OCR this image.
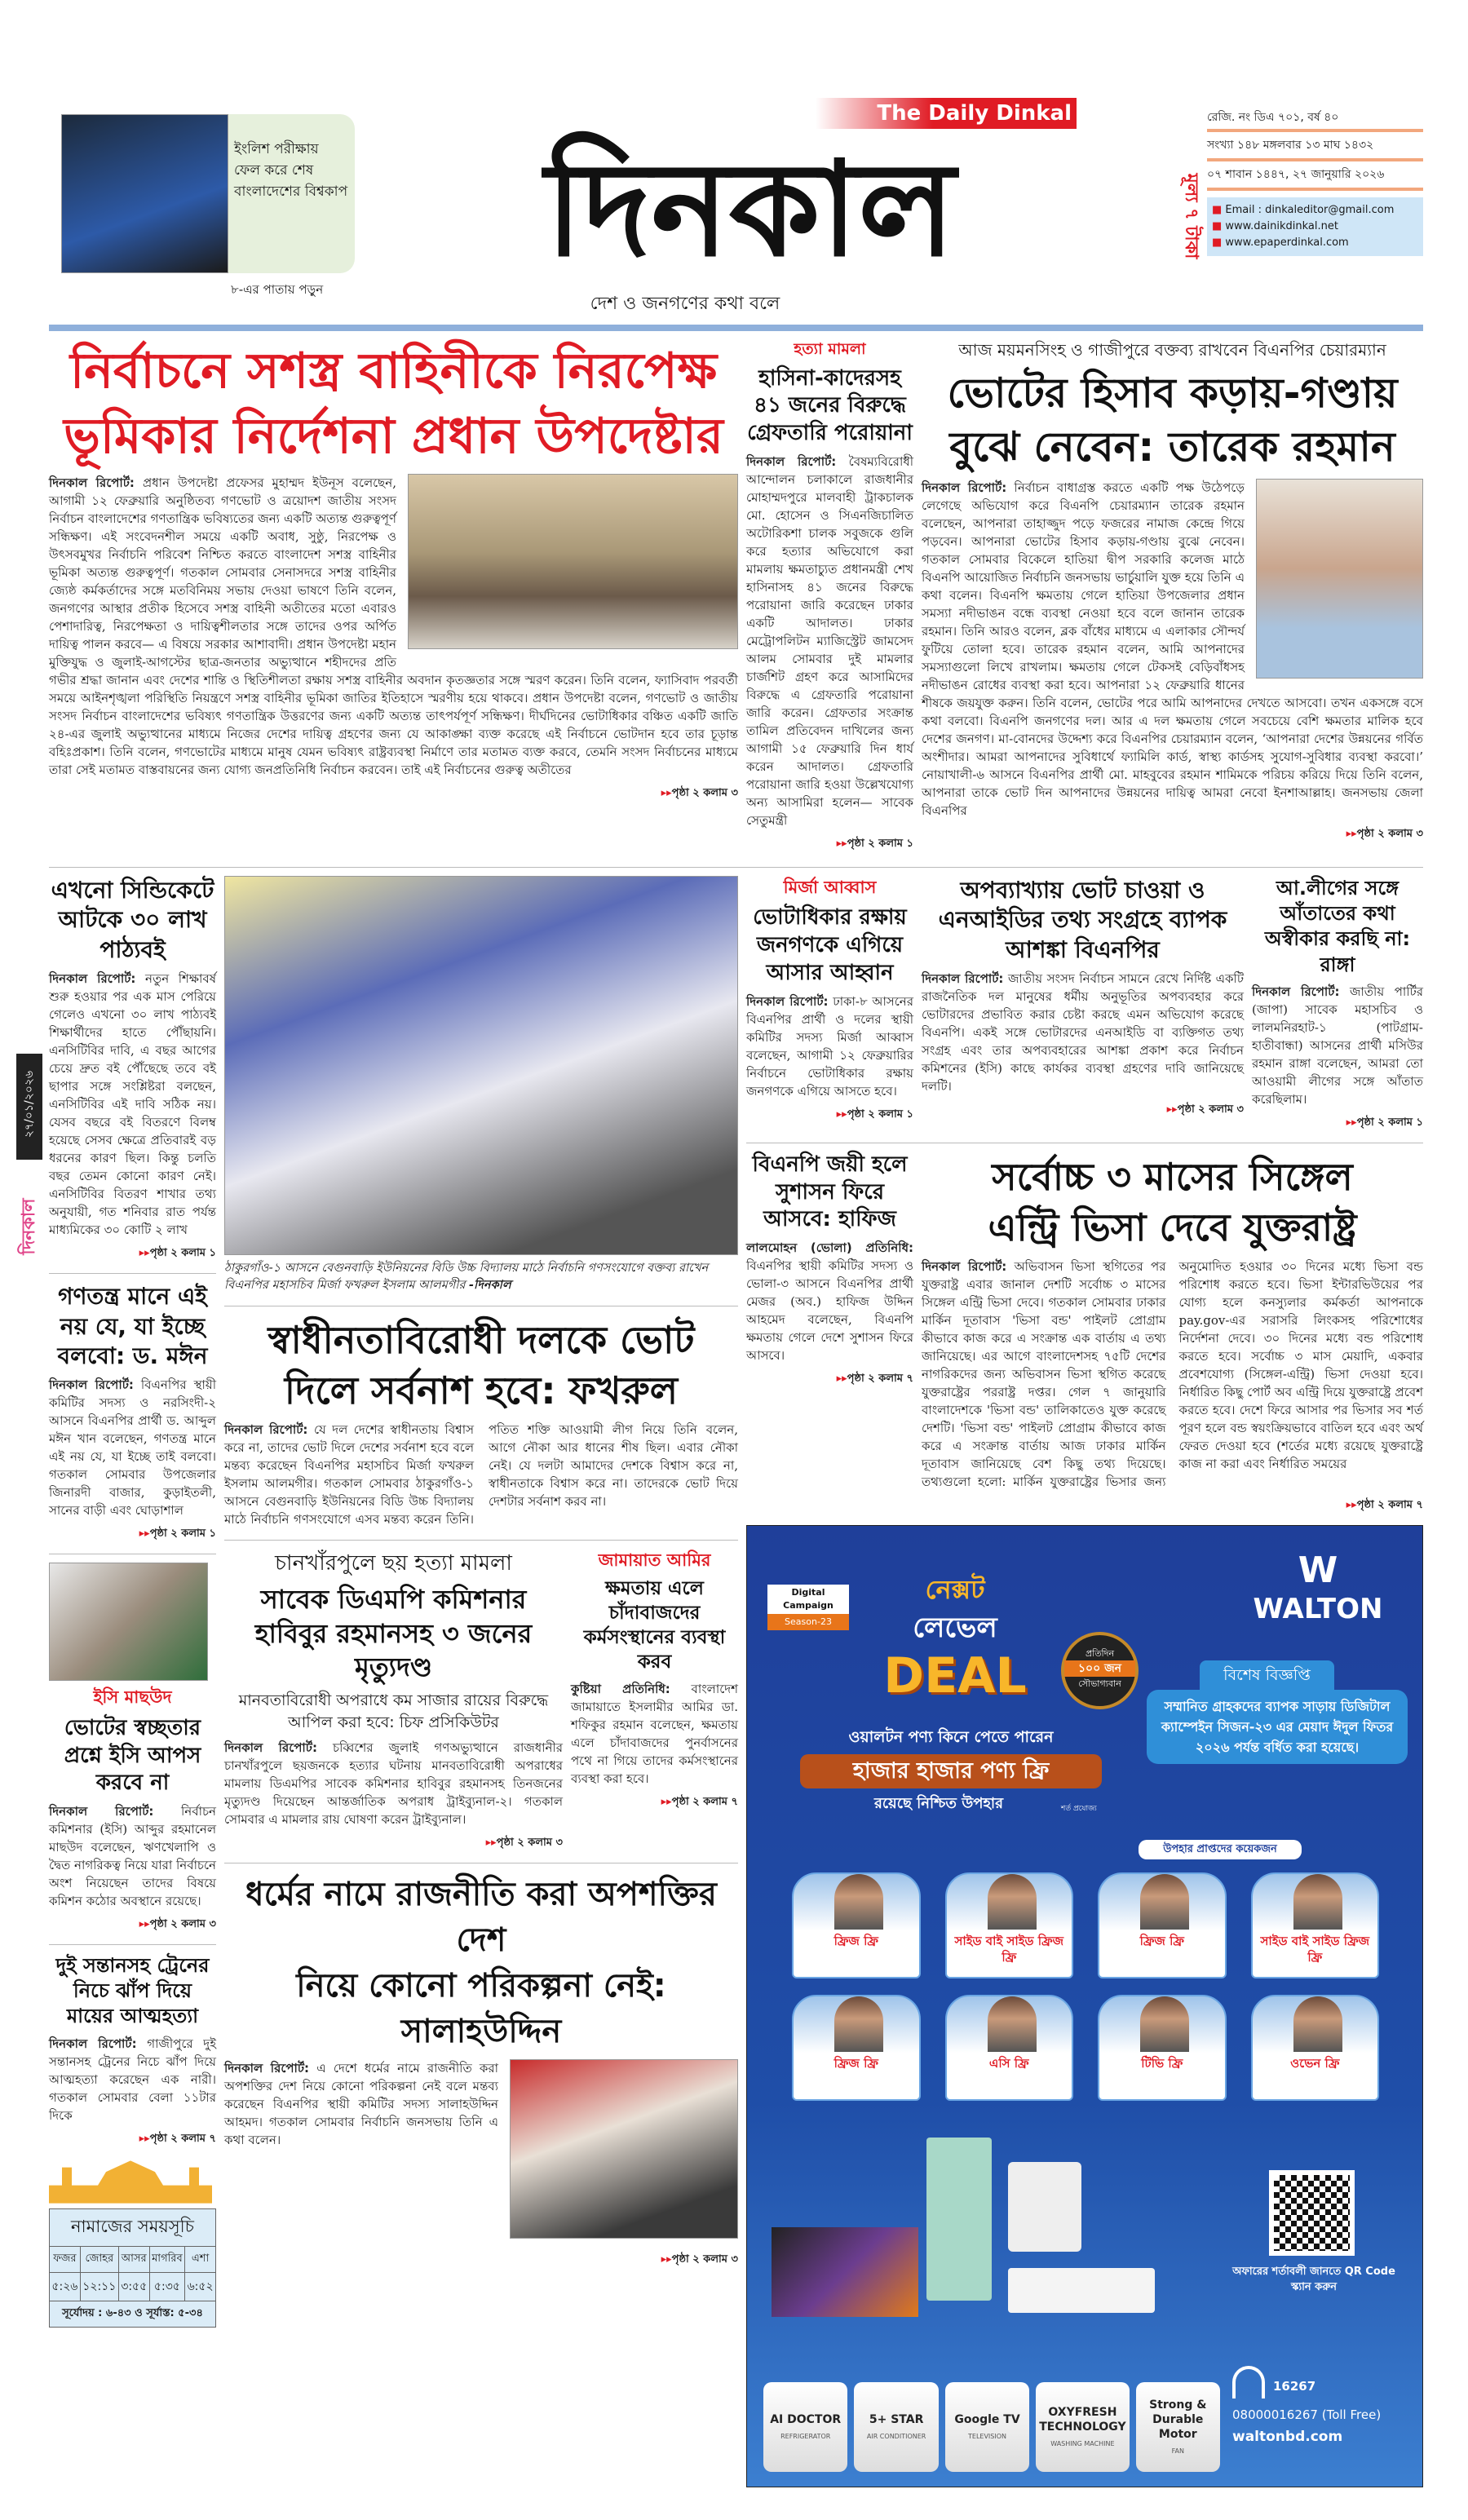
ইংলিশ পরীক্ষায় ফেল করে শেষ বাংলাদেশের বিশ্বকাপ
৮-এর পাতায় পড়ুন
The Daily Dinkal
দিনকাল
দেশ ও জনগণের কথা বলে
মূল্য ৭ টাকা
রেজি. নং ডিএ ৭০১, বর্ষ ৪০
সংখ্যা ১৪৮ মঙ্গলবার ১৩ মাঘ ১৪৩২
০৭ শাবান ১৪৪৭, ২৭ জানুয়ারি ২০২৬
■ Email : dinkaleditor@gmail.com
■ www.dainikdinkal.net
■ www.epaperdinkal.com
২৭/০১/২০২৬
দিনকাল
নির্বাচনে সশস্ত্র বাহিনীকে নিরপেক্ষ
ভূমিকার নির্দেশনা প্রধান উপদেষ্টার
দিনকাল রিপোর্ট: প্রধান উপদেষ্টা প্রফেসর মুহাম্মদ ইউনূস বলেছেন, আগামী ১২ ফেব্রুয়ারি অনুষ্ঠিতব্য গণভোট ও ত্রয়োদশ জাতীয় সংসদ নির্বাচন বাংলাদেশের গণতান্ত্রিক ভবিষ্যতের জন্য একটি অত্যন্ত গুরুত্বপূর্ণ সন্ধিক্ষণ। এই সংবেদনশীল সময়ে একটি অবাধ, সুষ্ঠু, নিরপেক্ষ ও উৎসবমুখর নির্বাচনি পরিবেশ নিশ্চিত করতে বাংলাদেশ সশস্ত্র বাহিনীর ভূমিকা অত্যন্ত গুরুত্বপূর্ণ। গতকাল সোমবার সেনাসদরে সশস্ত্র বাহিনীর জ্যেষ্ঠ কর্মকর্তাদের সঙ্গে মতবিনিময় সভায় দেওয়া ভাষণে তিনি বলেন, জনগণের আস্থার প্রতীক হিসেবে সশস্ত্র বাহিনী অতীতের মতো এবারও পেশাদারিত্ব, নিরপেক্ষতা ও দায়িত্বশীলতার সঙ্গে তাদের ওপর অর্পিত দায়িত্ব পালন করবে— এ বিষয়ে সরকার আশাবাদী। প্রধান উপদেষ্টা মহান মুক্তিযুদ্ধ ও জুলাই-আগস্টের ছাত্র-জনতার অভ্যুত্থানে শহীদদের প্রতি গভীর শ্রদ্ধা জানান এবং দেশের শান্তি ও স্থিতিশীলতা রক্ষায় সশস্ত্র বাহিনীর অবদান কৃতজ্ঞতার সঙ্গে স্মরণ করেন। তিনি বলেন, ফ্যাসিবাদ পরবর্তী সময়ে আইনশৃঙ্খলা পরিস্থিতি নিয়ন্ত্রণে সশস্ত্র বাহিনীর ভূমিকা জাতির ইতিহাসে স্মরণীয় হয়ে থাকবে। প্রধান উপদেষ্টা বলেন, গণভোট ও জাতীয় সংসদ নির্বাচন বাংলাদেশের ভবিষ্যৎ গণতান্ত্রিক উত্তরণের জন্য একটি অত্যন্ত তাৎপর্যপূর্ণ সন্ধিক্ষণ। দীর্ঘদিনের ভোটাধিকার বঞ্চিত একটি জাতি ২৪-এর জুলাই অভ্যুত্থানের মাধ্যমে নিজের দেশের দায়িত্ব গ্রহণের জন্য যে আকাঙ্ক্ষা ব্যক্ত করেছে এই নির্বাচনে ভোটদান হবে তার চূড়ান্ত বহিঃপ্রকাশ। তিনি বলেন, গণভোটের মাধ্যমে মানুষ যেমন ভবিষ্যৎ রাষ্ট্রব্যবস্থা নির্মাণে তার মতামত ব্যক্ত করবে, তেমনি সংসদ নির্বাচনের মাধ্যমে তারা সেই মতামত বাস্তবায়নের জন্য যোগ্য জনপ্রতিনিধি নির্বাচন করবেন। তাই এই নির্বাচনের গুরুত্ব অতীতের
▸▸ পৃষ্ঠা ২ কলাম ৩
হত্যা মামলা
হাসিনা-কাদেরসহ ৪১ জনের বিরুদ্ধে গ্রেফতারি পরোয়ানা
দিনকাল রিপোর্ট: বৈষম্যবিরোধী আন্দোলন চলাকালে রাজধানীর মোহাম্মদপুরে মালবাহী ট্রাকচালক মো. হোসেন ও সিএনজিচালিত অটোরিকশা চালক সবুজকে গুলি করে হত্যার অভিযোগে করা মামলায় ক্ষমতাচ্যুত প্রধানমন্ত্রী শেখ হাসিনাসহ ৪১ জনের বিরুদ্ধে পরোয়ানা জারি করেছেন ঢাকার একটি আদালত। ঢাকার মেট্রোপলিটন ম্যাজিস্ট্রেট জামসেদ আলম সোমবার দুই মামলার চার্জশিট গ্রহণ করে আসামিদের বিরুদ্ধে এ গ্রেফতারি পরোয়ানা জারি করেন। গ্রেফতার সংক্রান্ত তামিল প্রতিবেদন দাখিলের জন্য আগামী ১৫ ফেব্রুয়ারি দিন ধার্য করেন আদালত। গ্রেফতারি পরোয়ানা জারি হওয়া উল্লেখযোগ্য অন্য আসামিরা হলেন— সাবেক সেতুমন্ত্রী
▸▸ পৃষ্ঠা ২ কলাম ১
আজ ময়মনসিংহ ও গাজীপুরে বক্তব্য রাখবেন বিএনপির চেয়ারম্যান
ভোটের হিসাব কড়ায়-গণ্ডায়
বুঝে নেবেন: তারেক রহমান
দিনকাল রিপোর্ট: নির্বাচন বাধাগ্রস্ত করতে একটি পক্ষ উঠেপড়ে লেগেছে অভিযোগ করে বিএনপি চেয়ারম্যান তারেক রহমান বলেছেন, আপনারা তাহাজ্জুদ পড়ে ফজরের নামাজ কেন্দ্রে গিয়ে পড়বেন। আপনারা ভোটের হিসাব কড়ায়-গণ্ডায় বুঝে নেবেন। গতকাল সোমবার বিকেলে হাতিয়া দ্বীপ সরকারি কলেজ মাঠে বিএনপি আয়োজিত নির্বাচনি জনসভায় ভার্চুয়ালি যুক্ত হয়ে তিনি এ কথা বলেন। বিএনপি ক্ষমতায় গেলে হাতিয়া উপজেলার প্রধান সমস্যা নদীভাঙন বন্ধে ব্যবস্থা নেওয়া হবে বলে জানান তারেক রহমান। তিনি আরও বলেন, ব্লক বাঁধের মাধ্যমে এ এলাকার সৌন্দর্য ফুটিয়ে তোলা হবে। তারেক রহমান বলেন, আমি আপনাদের সমস্যাগুলো লিখে রাখলাম। ক্ষমতায় গেলে টেকসই বেড়িবাঁধসহ নদীভাঙন রোধের ব্যবস্থা করা হবে। আপনারা ১২ ফেব্রুয়ারি ধানের শীষকে জয়যুক্ত করুন। তিনি বলেন, ভোটের পরে আমি আপনাদের দেখতে আসবো। তখন একসঙ্গে বসে কথা বলবো। বিএনপি জনগণের দল। আর এ দল ক্ষমতায় গেলে সবচেয়ে বেশি ক্ষমতার মালিক হবে দেশের জনগণ। মা-বোনদের উদ্দেশ্য করে বিএনপির চেয়ারম্যান বলেন, ‘আপনারা দেশের উন্নয়নের গর্বিত অংশীদার। আমরা আপনাদের সুবিধার্থে ফ্যামিলি কার্ড, স্বাস্থ্য কার্ডসহ সুযোগ-সুবিধার ব্যবস্থা করবো।’ নোয়াখালী-৬ আসনে বিএনপির প্রার্থী মো. মাহবুবের রহমান শামিমকে পরিচয় করিয়ে দিয়ে তিনি বলেন, আপনারা তাকে ভোট দিন আপনাদের উন্নয়নের দায়িত্ব আমরা নেবো ইনশাআল্লাহ। জনসভায় জেলা বিএনপির
▸▸ পৃষ্ঠা ২ কলাম ৩
এখনো সিন্ডিকেটে আটকে ৩০ লাখ পাঠ্যবই
দিনকাল রিপোর্ট: নতুন শিক্ষাবর্ষ শুরু হওয়ার পর এক মাস পেরিয়ে গেলেও এখনো ৩০ লাখ পাঠ্যবই শিক্ষার্থীদের হাতে পৌঁছায়নি। এনসিটিবির দাবি, এ বছর আগের চেয়ে দ্রুত বই পৌঁছেছে তবে বই ছাপার সঙ্গে সংশ্লিষ্টরা বলছেন, এনসিটিবির এই দাবি সঠিক নয়। যেসব বছরে বই বিতরণে বিলম্ব হয়েছে সেসব ক্ষেত্রে প্রতিবারই বড় ধরনের কারণ ছিল। কিন্তু চলতি বছর তেমন কোনো কারণ নেই। এনসিটিবির বিতরণ শাখার তথ্য অনুযায়ী, গত শনিবার রাত পর্যন্ত মাধ্যমিকের ৩০ কোটি ২ লাখ
▸▸ পৃষ্ঠা ২ কলাম ১
গণতন্ত্র মানে এই নয় যে, যা ইচ্ছে বলবো: ড. মঈন
দিনকাল রিপোর্ট: বিএনপির স্থায়ী কমিটির সদস্য ও নরসিংদী-২ আসনে বিএনপির প্রার্থী ড. আব্দুল মঈন খান বলেছেন, গণতন্ত্র মানে এই নয় যে, যা ইচ্ছে তাই বলবো। গতকাল সোমবার উপজেলার জিনারদী বাজার, কুড়াইতলী, সানের বাড়ী এবং ঘোড়াশাল
▸▸ পৃষ্ঠা ২ কলাম ১
ইসি মাছউদ
ভোটের স্বচ্ছতার প্রশ্নে ইসি আপস করবে না
দিনকাল রিপোর্ট: নির্বাচন কমিশনার (ইসি) আব্দুর রহমানেল মাছউদ বলেছেন, ঋণখেলাপি ও দ্বৈত নাগরিকত্ব নিয়ে যারা নির্বাচনে অংশ নিয়েছেন তাদের বিষয়ে কমিশন কঠোর অবস্থানে রয়েছে।
▸▸ পৃষ্ঠা ২ কলাম ৩
দুই সন্তানসহ ট্রেনের নিচে ঝাঁপ দিয়ে মায়ের আত্মহত্যা
দিনকাল রিপোর্ট: গাজীপুরে দুই সন্তানসহ ট্রেনের নিচে ঝাঁপ দিয়ে আত্মহত্যা করেছেন এক নারী। গতকাল সোমবার বেলা ১১টার দিকে
▸▸ পৃষ্ঠা ২ কলাম ৭
নামাজের সময়সূচি				
ফজর	জোহর	আসর	মাগরিব	এশা
৫:২৬	১২:১১	৩:৫৫	৫:৩৫	৬:৫২
সূর্যোদয় : ৬-৪৩ ও সূর্যাস্ত: ৫-৩৪				
ঠাকুরগাঁও-১ আসনে বেগুনবাড়ি ইউনিয়নের বিডি উচ্চ বিদ্যালয় মাঠে নির্বাচনি গণসংযোগে বক্তব্য রাখেন বিএনপির মহাসচিব মির্জা ফখরুল ইসলাম আলমগীর -দিনকাল
স্বাধীনতাবিরোধী দলকে ভোট
দিলে সর্বনাশ হবে: ফখরুল
দিনকাল রিপোর্ট: যে দল দেশের স্বাধীনতায় বিশ্বাস করে না, তাদের ভোট দিলে দেশের সর্বনাশ হবে বলে মন্তব্য করেছেন বিএনপির মহাসচিব মির্জা ফখরুল ইসলাম আলমগীর। গতকাল সোমবার ঠাকুরগাঁও-১ আসনে বেগুনবাড়ি ইউনিয়নের বিডি উচ্চ বিদ্যালয় মাঠে নির্বাচনি গণসংযোগে এসব মন্তব্য করেন তিনি। পতিত শক্তি আওয়ামী লীগ নিয়ে তিনি বলেন, আগে নৌকা আর ধানের শীষ ছিল। এবার নৌকা নেই। যে দলটা আমাদের দেশকে বিশ্বাস করে না, স্বাধীনতাকে বিশ্বাস করে না। তাদেরকে ভোট দিয়ে দেশটার সর্বনাশ করব না।
চানখাঁরপুলে ছয় হত্যা মামলা
সাবেক ডিএমপি কমিশনার হাবিবুর রহমানসহ ৩ জনের মৃত্যুদণ্ড
মানবতাবিরোধী অপরাধে কম সাজার রায়ের বিরুদ্ধে আপিল করা হবে: চিফ প্রসিকিউটর
দিনকাল রিপোর্ট: চব্বিশের জুলাই গণঅভ্যুত্থানে রাজধানীর চানখাঁরপুলে ছয়জনকে হত্যার ঘটনায় মানবতাবিরোধী অপরাধের মামলায় ডিএমপির সাবেক কমিশনার হাবিবুর রহমানসহ তিনজনের মৃত্যুদণ্ড দিয়েছেন আন্তর্জাতিক অপরাধ ট্রাইব্যুনাল-২। গতকাল সোমবার এ মামলার রায় ঘোষণা করেন ট্রাইব্যুনাল।
▸▸ পৃষ্ঠা ২ কলাম ৩
জামায়াত আমির
ক্ষমতায় এলে চাঁদাবাজদের কর্মসংস্থানের ব্যবস্থা করব
কুষ্টিয়া প্রতিনিধি: বাংলাদেশ জামায়াতে ইসলামীর আমির ডা. শফিকুর রহমান বলেছেন, ক্ষমতায় এলে চাঁদাবাজদের পুনর্বাসনের পথে না গিয়ে তাদের কর্মসংস্থানের ব্যবস্থা করা হবে।
▸▸ পৃষ্ঠা ২ কলাম ৭
ধর্মের নামে রাজনীতি করা অপশক্তির দেশ
নিয়ে কোনো পরিকল্পনা নেই: সালাহউদ্দিন
দিনকাল রিপোর্ট: এ দেশে ধর্মের নামে রাজনীতি করা অপশক্তির দেশ নিয়ে কোনো পরিকল্পনা নেই বলে মন্তব্য করেছেন বিএনপির স্থায়ী কমিটির সদস্য সালাহউদ্দিন আহমদ। গতকাল সোমবার নির্বাচনি জনসভায় তিনি এ কথা বলেন।
▸▸ পৃষ্ঠা ২ কলাম ৩
মির্জা আব্বাস
ভোটাধিকার রক্ষায় জনগণকে এগিয়ে আসার আহ্বান
দিনকাল রিপোর্ট: ঢাকা-৮ আসনের বিএনপির প্রার্থী ও দলের স্থায়ী কমিটির সদস্য মির্জা আব্বাস বলেছেন, আগামী ১২ ফেব্রুয়ারির নির্বাচনে ভোটাধিকার রক্ষায় জনগণকে এগিয়ে আসতে হবে।
▸▸ পৃষ্ঠা ২ কলাম ১
অপব্যাখ্যায় ভোট চাওয়া ও এনআইডির তথ্য সংগ্রহে ব্যাপক আশঙ্কা বিএনপির
দিনকাল রিপোর্ট: জাতীয় সংসদ নির্বাচন সামনে রেখে নির্দিষ্ট একটি রাজনৈতিক দল মানুষের ধর্মীয় অনুভূতির অপব্যবহার করে ভোটারদের প্রভাবিত করার চেষ্টা করছে এমন অভিযোগ করেছে বিএনপি। একই সঙ্গে ভোটারদের এনআইডি বা ব্যক্তিগত তথ্য সংগ্রহ এবং তার অপব্যবহারের আশঙ্কা প্রকাশ করে নির্বাচন কমিশনের (ইসি) কাছে কার্যকর ব্যবস্থা গ্রহণের দাবি জানিয়েছে দলটি।
▸▸ পৃষ্ঠা ২ কলাম ৩
আ.লীগের সঙ্গে আঁতাতের কথা অস্বীকার করছি না: রাঙ্গা
দিনকাল রিপোর্ট: জাতীয় পার্টির (জাপা) সাবেক মহাসচিব ও লালমনিরহাট-১ (পাটগ্রাম-হাতীবান্ধা) আসনের প্রার্থী মসিউর রহমান রাঙ্গা বলেছেন, আমরা তো আওয়ামী লীগের সঙ্গে আঁতাত করেছিলাম।
▸▸ পৃষ্ঠা ২ কলাম ১
বিএনপি জয়ী হলে সুশাসন ফিরে আসবে: হাফিজ
লালমোহন (ভোলা) প্রতিনিধি: বিএনপির স্থায়ী কমিটির সদস্য ও ভোলা-৩ আসনে বিএনপির প্রার্থী মেজর (অব.) হাফিজ উদ্দিন আহমেদ বলেছেন, বিএনপি ক্ষমতায় গেলে দেশে সুশাসন ফিরে আসবে।
▸▸ পৃষ্ঠা ২ কলাম ৭
সর্বোচ্চ ৩ মাসের সিঙ্গেল
এন্ট্রি ভিসা দেবে যুক্তরাষ্ট্র
দিনকাল রিপোর্ট: অভিবাসন ভিসা স্থগিতের পর যুক্তরাষ্ট্র এবার জানাল দেশটি সর্বোচ্চ ৩ মাসের সিঙ্গেল এন্ট্রি ভিসা দেবে। গতকাল সোমবার ঢাকার মার্কিন দূতাবাস 'ভিসা বন্ড' পাইলট প্রোগ্রাম কীভাবে কাজ করে এ সংক্রান্ত এক বার্তায় এ তথ্য জানিয়েছে। এর আগে বাংলাদেশসহ ৭৫টি দেশের নাগরিকদের জন্য অভিবাসন ভিসা স্থগিত করেছে যুক্তরাষ্ট্রের পররাষ্ট্র দপ্তর। গেল ৭ জানুয়ারি বাংলাদেশকে 'ভিসা বন্ড' তালিকাতেও যুক্ত করেছে দেশটি। 'ভিসা বন্ড' পাইলট প্রোগ্রাম কীভাবে কাজ করে এ সংক্রান্ত বার্তায় আজ ঢাকার মার্কিন দূতাবাস জানিয়েছে বেশ কিছু তথ্য দিয়েছে। তথ্যগুলো হলো: মার্কিন যুক্তরাষ্ট্রের ভিসার জন্য অনুমোদিত হওয়ার ৩০ দিনের মধ্যে ভিসা বন্ড পরিশোধ করতে হবে। ভিসা ইন্টারভিউয়ের পর যোগ্য হলে কনস্যুলার কর্মকর্তা আপনাকে pay.gov-এর সরাসরি লিংকসহ পরিশোধের নির্দেশনা দেবে। ৩০ দিনের মধ্যে বন্ড পরিশোধ করতে হবে। সর্বোচ্চ ৩ মাস মেয়াদি, একবার প্রবেশযোগ্য (সিঙ্গেল-এন্ট্রি) ভিসা দেওয়া হবে। নির্ধারিত কিছু পোর্ট অব এন্ট্রি দিয়ে যুক্তরাষ্ট্রে প্রবেশ করতে হবে। দেশে ফিরে আসার পর ভিসার সব শর্ত পূরণ হলে বন্ড স্বয়ংক্রিয়ভাবে বাতিল হবে এবং অর্থ ফেরত দেওয়া হবে (শর্তের মধ্যে রয়েছে যুক্তরাষ্ট্রে কাজ না করা এবং নির্ধারিত সময়ের
▸▸ পৃষ্ঠা ২ কলাম ৭
Digital Campaign
Season-23
নেক্সট
লেভেল
DEAL	প্রতিদিন
১০০ জন
সৌভাগ্যবান
ওয়ালটন পণ্য কিনে পেতে পারেন
হাজার হাজার পণ্য ফ্রি
রয়েছে নিশ্চিত উপহার	শর্ত প্রযোজ্য
W
WALTON
বিশেষ বিজ্ঞপ্তি
সম্মানিত গ্রাহকদের ব্যাপক সাড়ায় ডিজিটাল ক্যাম্পেইন সিজন-২৩ এর মেয়াদ ঈদুল ফিতর ২০২৬ পর্যন্ত বর্ধিত করা হয়েছে।
উপহার প্রাপ্তদের কয়েকজন
ফ্রিজ ফ্রি	সাইড বাই সাইড ফ্রিজ ফ্রি
ফ্রিজ ফ্রি	সাইড বাই সাইড ফ্রিজ ফ্রি
ফ্রিজ ফ্রি	এসি ফ্রি	টিভি ফ্রি	ওভেন ফ্রি
অফারের শর্তাবলী জানতে QR Code স্ক্যান করুন
AI DOCTOR
REFRIGERATOR
5+ STAR
AIR CONDITIONER
Google TV
TELEVISION
OXYFRESH TECHNOLOGY
WASHING MACHINE
Strong & Durable Motor
FAN
16267
08000016267 (Toll Free)
waltonbd.com
